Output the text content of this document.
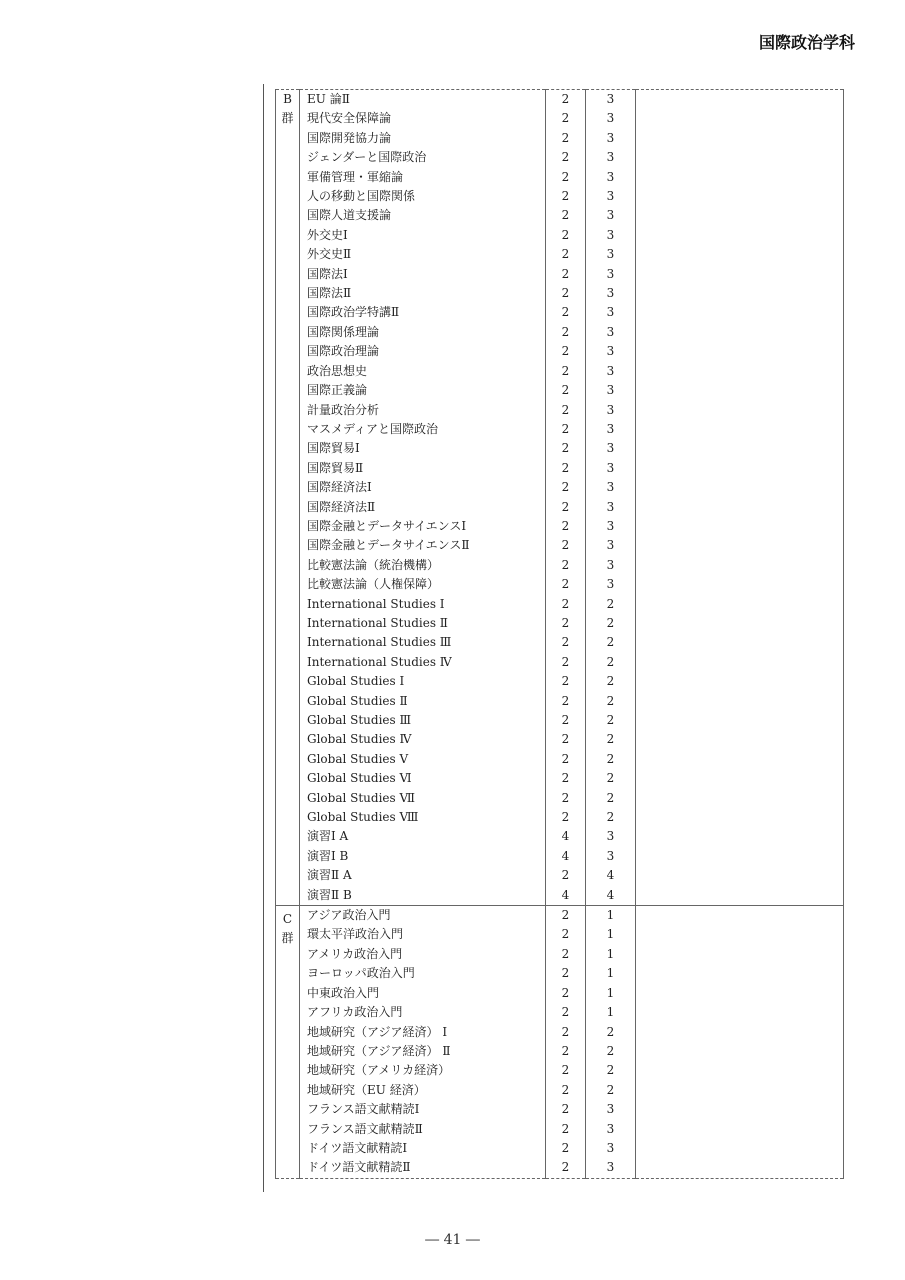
国際政治学科
B
群	EU 論Ⅱ	2	3	
	現代安全保障論	2	3	
	国際開発協力論	2	3	
	ジェンダーと国際政治	2	3	
	軍備管理・軍縮論	2	3	
	人の移動と国際関係	2	3	
	国際人道支援論	2	3	
	外交史Ⅰ	2	3	
	外交史Ⅱ	2	3	
	国際法Ⅰ	2	3	
	国際法Ⅱ	2	3	
	国際政治学特講Ⅱ	2	3	
	国際関係理論	2	3	
	国際政治理論	2	3	
	政治思想史	2	3	
	国際正義論	2	3	
	計量政治分析	2	3	
	マスメディアと国際政治	2	3	
	国際貿易Ⅰ	2	3	
	国際貿易Ⅱ	2	3	
	国際経済法Ⅰ	2	3	
	国際経済法Ⅱ	2	3	
	国際金融とデータサイエンスⅠ	2	3	
	国際金融とデータサイエンスⅡ	2	3	
	比較憲法論（統治機構）	2	3	
	比較憲法論（人権保障）	2	3	
	International Studies Ⅰ	2	2	
	International Studies Ⅱ	2	2	
	International Studies Ⅲ	2	2	
	International Studies Ⅳ	2	2	
	Global Studies Ⅰ	2	2	
	Global Studies Ⅱ	2	2	
	Global Studies Ⅲ	2	2	
	Global Studies Ⅳ	2	2	
	Global Studies Ⅴ	2	2	
	Global Studies Ⅵ	2	2	
	Global Studies Ⅶ	2	2	
	Global Studies Ⅷ	2	2	
	演習Ⅰ A	4	3	
	演習Ⅰ B	4	3	
	演習Ⅱ A	2	4	
	演習Ⅱ B	4	4	

C
群	アジア政治入門	2	1	
	環太平洋政治入門	2	1	
	アメリカ政治入門	2	1	
	ヨーロッパ政治入門	2	1	
	中東政治入門	2	1	
	アフリカ政治入門	2	1	
	地域研究（アジア経済） Ⅰ	2	2	
	地域研究（アジア経済） Ⅱ	2	2	
	地域研究（アメリカ経済）	2	2	
	地域研究（EU 経済）	2	2	
	フランス語文献精読Ⅰ	2	3	
	フランス語文献精読Ⅱ	2	3	
	ドイツ語文献精読Ⅰ	2	3	
	ドイツ語文献精読Ⅱ	2	3	
― 41 ―
